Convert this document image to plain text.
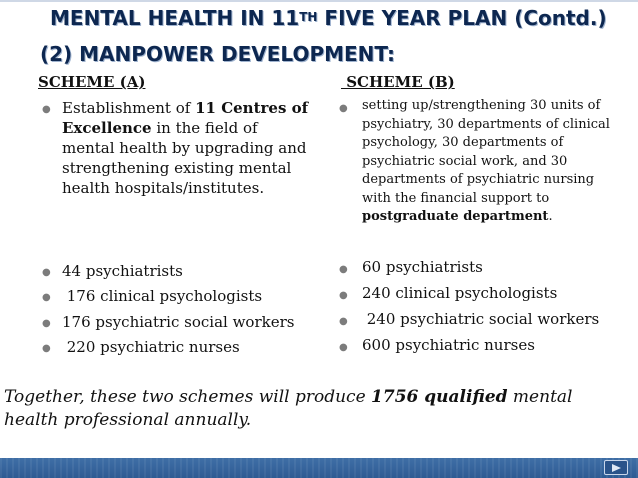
MENTAL HEALTH IN 11TH FIVE YEAR PLAN (Contd.)
(2) MANPOWER DEVELOPMENT:
SCHEME (A)
● Establishment of 11 Centres of Excellence in the field of mental health by upgrading and strengthening existing mental health hospitals/institutes.
● 44 psychiatrists
● 176 clinical psychologists
● 176 psychiatric social workers
● 220 psychiatric nurses
SCHEME (B)
● setting up/strengthening 30 units of psychiatry, 30 departments of clinical psychology, 30 departments of psychiatric social work, and 30 departments of psychiatric nursing with the financial support to postgraduate department.
● 60 psychiatrists
● 240 clinical psychologists
● 240 psychiatric social workers
● 600 psychiatric nurses
Together, these two schemes will produce 1756 qualified mental health professional annually.
